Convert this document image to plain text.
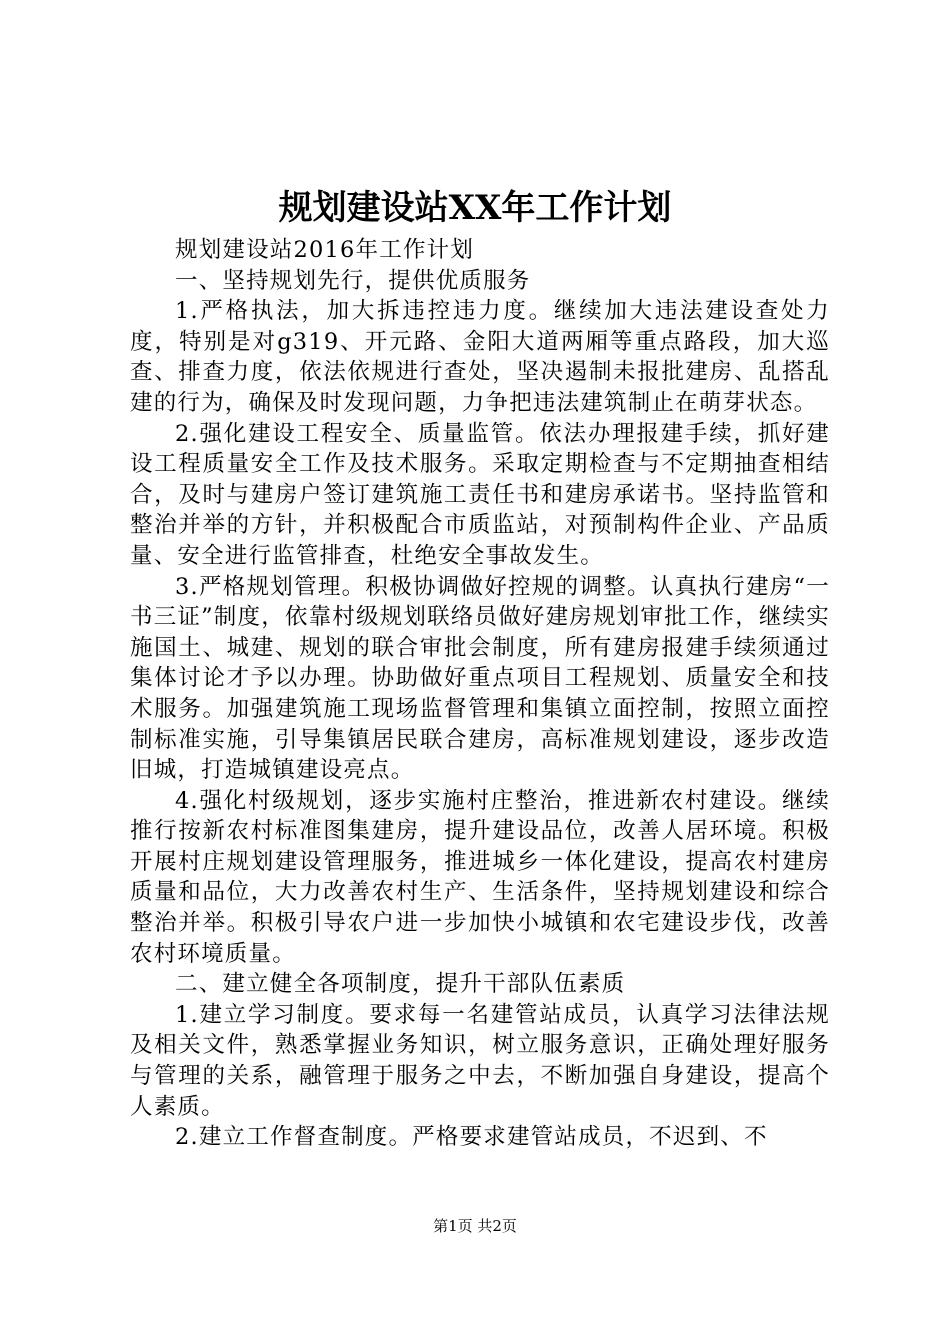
规划建设站XX年工作计划

规划建设站2016年工作计划

一、坚持规划先行，提供优质服务

1.严格执法，加大拆违控违力度。继续加大违法建设查处力度，特别是对g319、开元路、金阳大道两厢等重点路段，加大巡查、排查力度，依法依规进行查处，坚决遏制未报批建房、乱搭乱建的行为，确保及时发现问题，力争把违法建筑制止在萌芽状态。

2.强化建设工程安全、质量监管。依法办理报建手续，抓好建设工程质量安全工作及技术服务。采取定期检查与不定期抽查相结合，及时与建房户签订建筑施工责任书和建房承诺书。坚持监管和整治并举的方针，并积极配合市质监站，对预制构件企业、产品质量、安全进行监管排查，杜绝安全事故发生。

3.严格规划管理。积极协调做好控规的调整。认真执行建房“一书三证”制度，依靠村级规划联络员做好建房规划审批工作，继续实施国土、城建、规划的联合审批会制度，所有建房报建手续须通过集体讨论才予以办理。协助做好重点项目工程规划、质量安全和技术服务。加强建筑施工现场监督管理和集镇立面控制，按照立面控制标准实施，引导集镇居民联合建房，高标准规划建设，逐步改造旧城，打造城镇建设亮点。

4.强化村级规划，逐步实施村庄整治，推进新农村建设。继续推行按新农村标准图集建房，提升建设品位，改善人居环境。积极开展村庄规划建设管理服务，推进城乡一体化建设，提高农村建房质量和品位，大力改善农村生产、生活条件，坚持规划建设和综合整治并举。积极引导农户进一步加快小城镇和农宅建设步伐，改善农村环境质量。

二、建立健全各项制度，提升干部队伍素质

1.建立学习制度。要求每一名建管站成员，认真学习法律法规及相关文件，熟悉掌握业务知识，树立服务意识，正确处理好服务与管理的关系，融管理于服务之中去，不断加强自身建设，提高个人素质。

2.建立工作督查制度。严格要求建管站成员，不迟到、不

第1页 共2页
